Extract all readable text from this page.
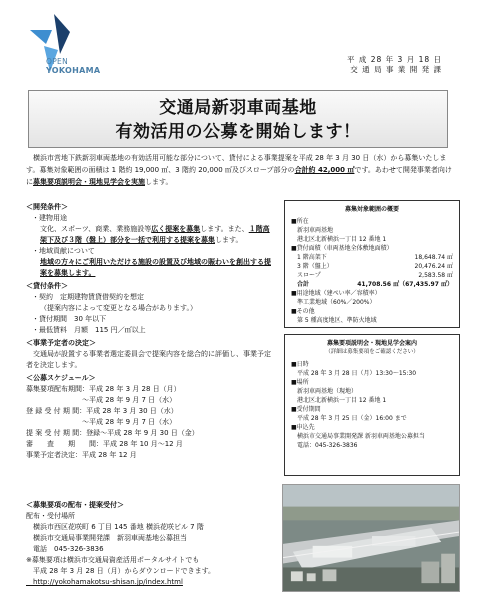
OPEN
YOKOHAMA
平 成 28 年 3 月 18 日
交 通 局 事 業 開 発 課
交通局新羽車両基地
有効活用の公募を開始します！
　横浜市営地下鉄新羽車両基地の有効活用可能な部分について、貸付による事業提案を平成 28 年 3 月 30 日（水）から募集いたします。募集対象範囲の面積は 1 階約 19,000 ㎡、3 階約 20,000 ㎡及びスロープ部分の合計約 42,000 ㎡です。あわせて開発事業者向けに募集要項説明会・現地見学会を実施します。
＜開発条件＞
・建物用途
文化、スポーツ、商業、業務施設等広く提案を募集します。また、１階高架下及び３階（盤上）部分を一括で利用する提案を募集します。
・地域貢献について
地域の方々にご利用いただける施設の設置及び地域の賑わいを創出する提案を募集します。
＜貸付条件＞
・契約　定期建物賃貸借契約を想定
（提案内容によって変更となる場合があります。）
・貸付期間　30 年以下
・最低賃料　月額　115 円／㎡以上
＜事業予定者の決定＞
　交通局が設置する事業者選定委員会で提案内容を総合的に評価し、事業予定者を決定します。
＜公募スケジュール＞
募集要項配布期間：平成 28 年 3 月 28 日（月）
　　　　　　　　～平成 28 年 9 月 7 日（水）
登 録 受 付 期 間：平成 28 年 3 月 30 日（水）
　　　　　　　　～平成 28 年 9 月 7 日（水）
提 案 受 付 期 間：登録～平成 28 年 9 月 30 日（金）
審　　査　　期　　間：平成 28 年 10 月～12 月
事業予定者決定：平成 28 年 12 月
＜募集要項の配布・提案受付＞
配布・受付場所
　横浜市西区花咲町 6 丁目 145 番地 横浜花咲ビル 7 階
　横浜市交通局事業開発課　新羽車両基地公募担当
　電話　045-326-3836
※募集要項は横浜市交通局資産活用ポータルサイトでも
　平成 28 年 3 月 28 日（月）からダウンロードできます。
　http://yokohamakotsu-shisan.jp/index.html
募集対象範囲の概要
■所在
新羽車両基地
港北区北新横浜一丁目 12 番地 1
■貸付面積（車両基地全体敷地面積）
1 階高架下	18,648.74 ㎡
3 階（盤上）	20,476.24 ㎡
スロープ	2,583.58 ㎡
合計	41,708.56 ㎡（67,435.97 ㎡）
■用途地域（建ぺい率／容積率）
準工業地域（60%／200%）
■その他
第 5 種高度地区、準防火地域
募集要項説明会・現地見学会案内
（詳細は募集要項をご確認ください）
■日時
平成 28 年 3 月 28 日（月）13:30～15:30
■場所
新羽車両基地（現地）
港北区北新横浜一丁目 12 番地 1
■受付期間
平成 28 年 3 月 25 日（金）16:00 まで
■申込先
横浜市交通局事業開発課 新羽車両基地公募担当
電話：045-326-3836
